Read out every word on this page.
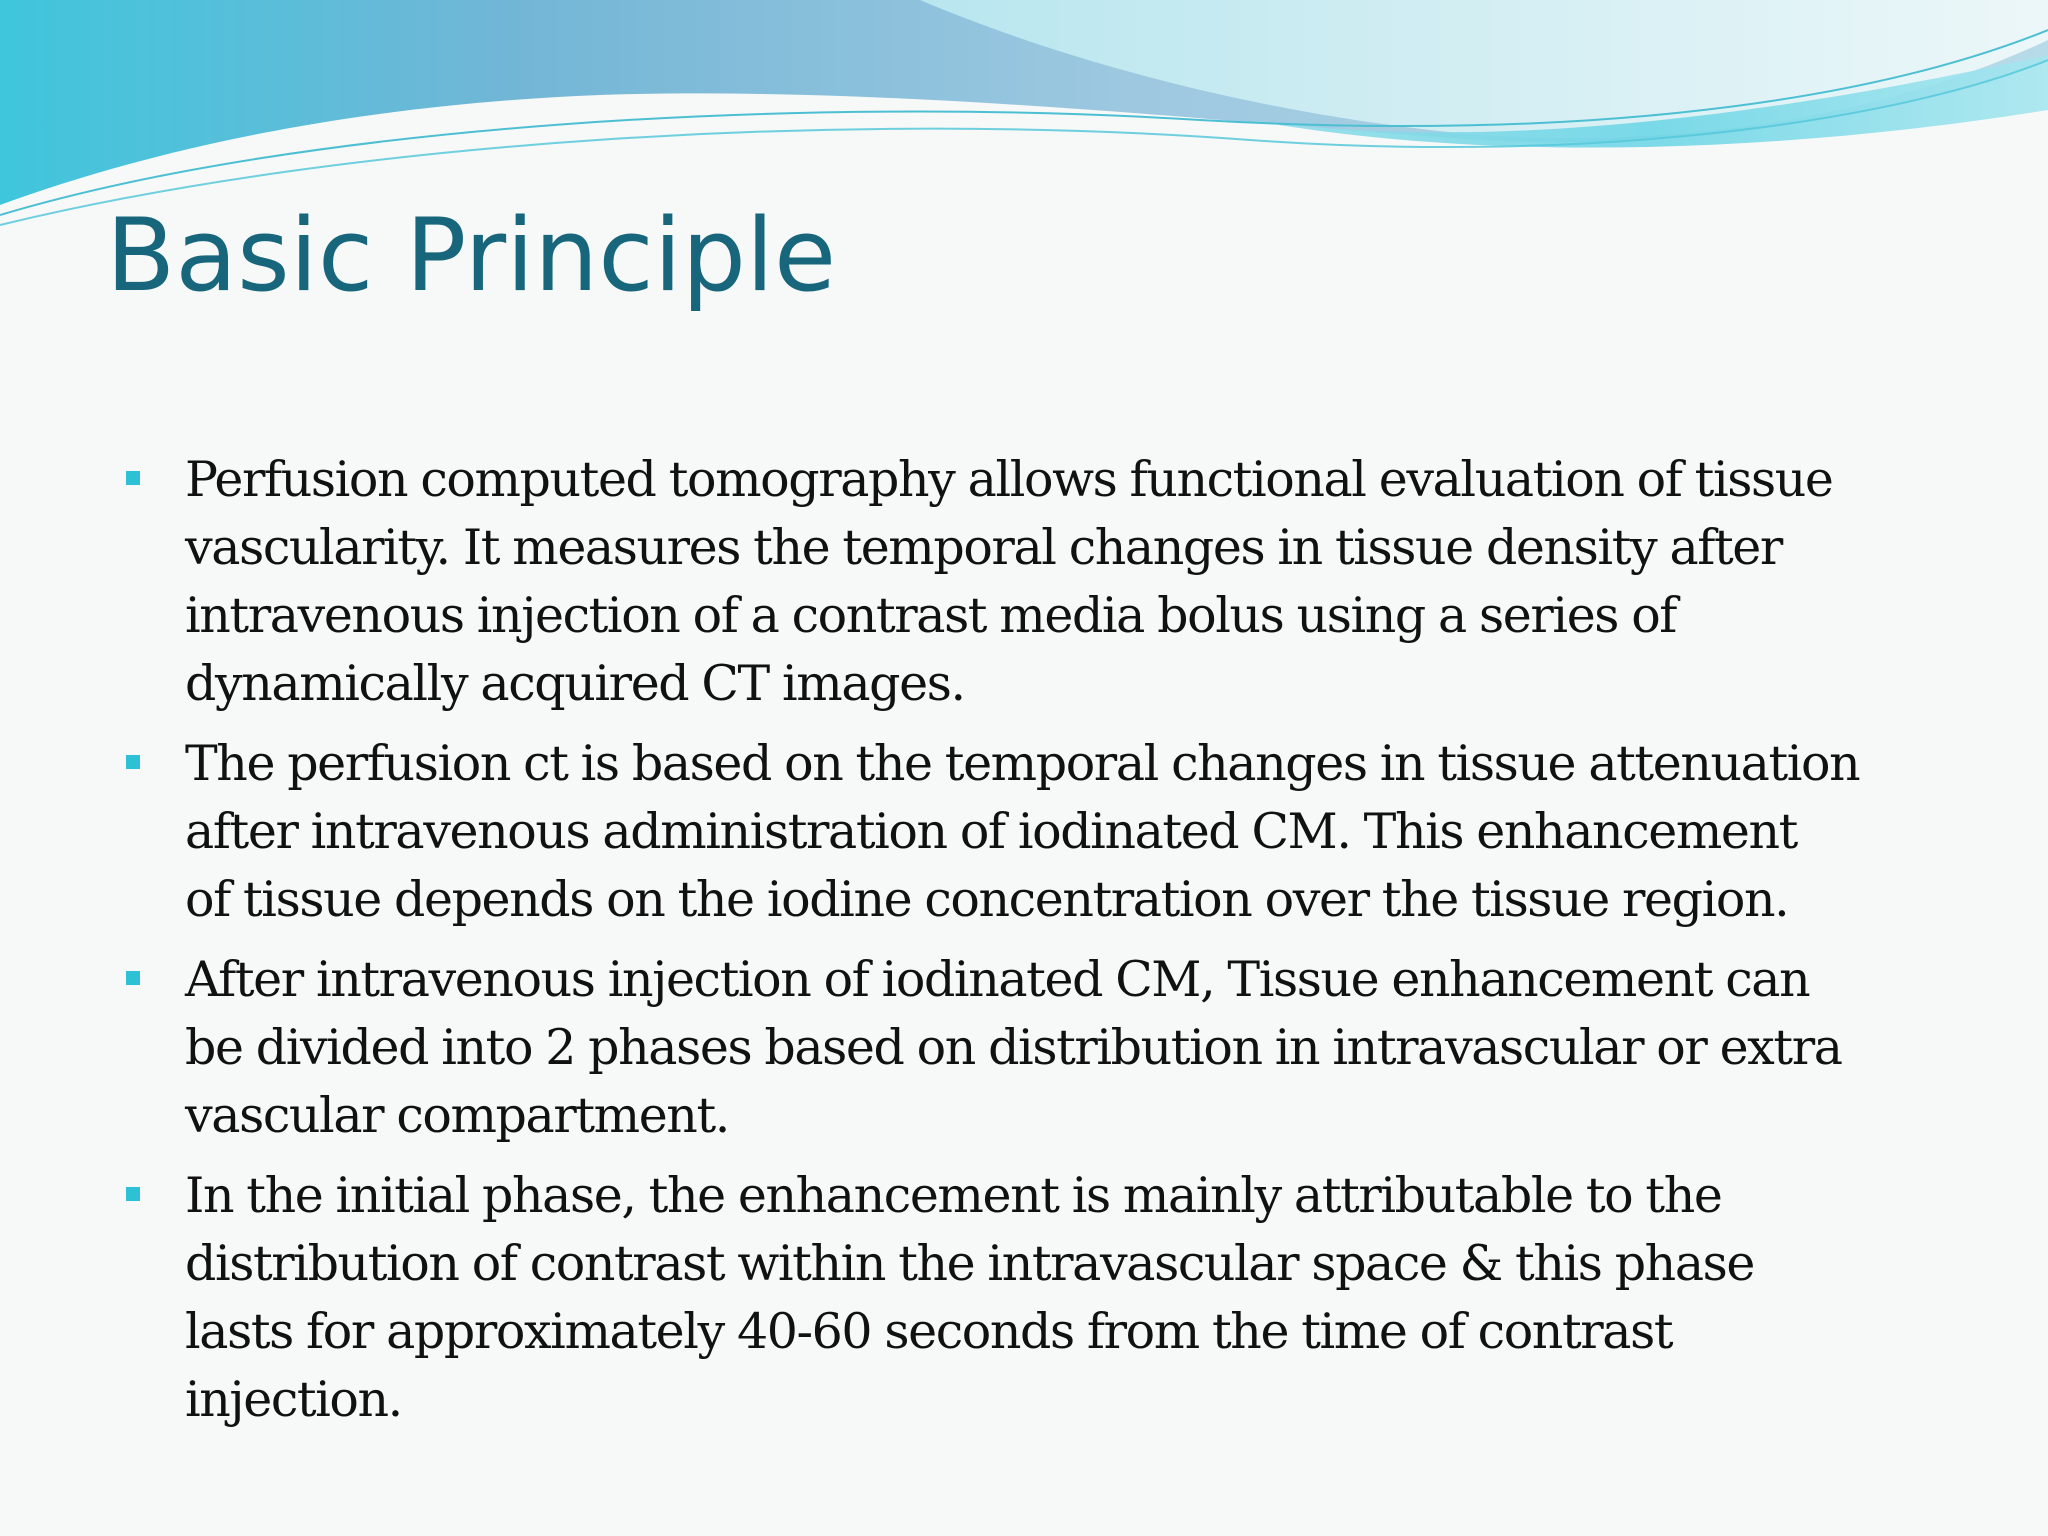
Basic Principle
Perfusion computed tomography allows functional evaluation of tissue
vascularity. It measures the temporal changes in tissue density after
intravenous injection of a contrast media bolus using a series of
dynamically acquired CT images.
The perfusion ct is based on the temporal changes in tissue attenuation
after intravenous administration of iodinated CM. This enhancement
of tissue depends on the iodine concentration over the tissue region.
After intravenous injection of iodinated CM, Tissue enhancement can
be divided into 2 phases based on distribution in intravascular or extra
vascular compartment.
In the initial phase, the enhancement is mainly attributable to the
distribution of contrast within the intravascular space & this phase
lasts for approximately 40-60 seconds from the time of contrast
injection.
